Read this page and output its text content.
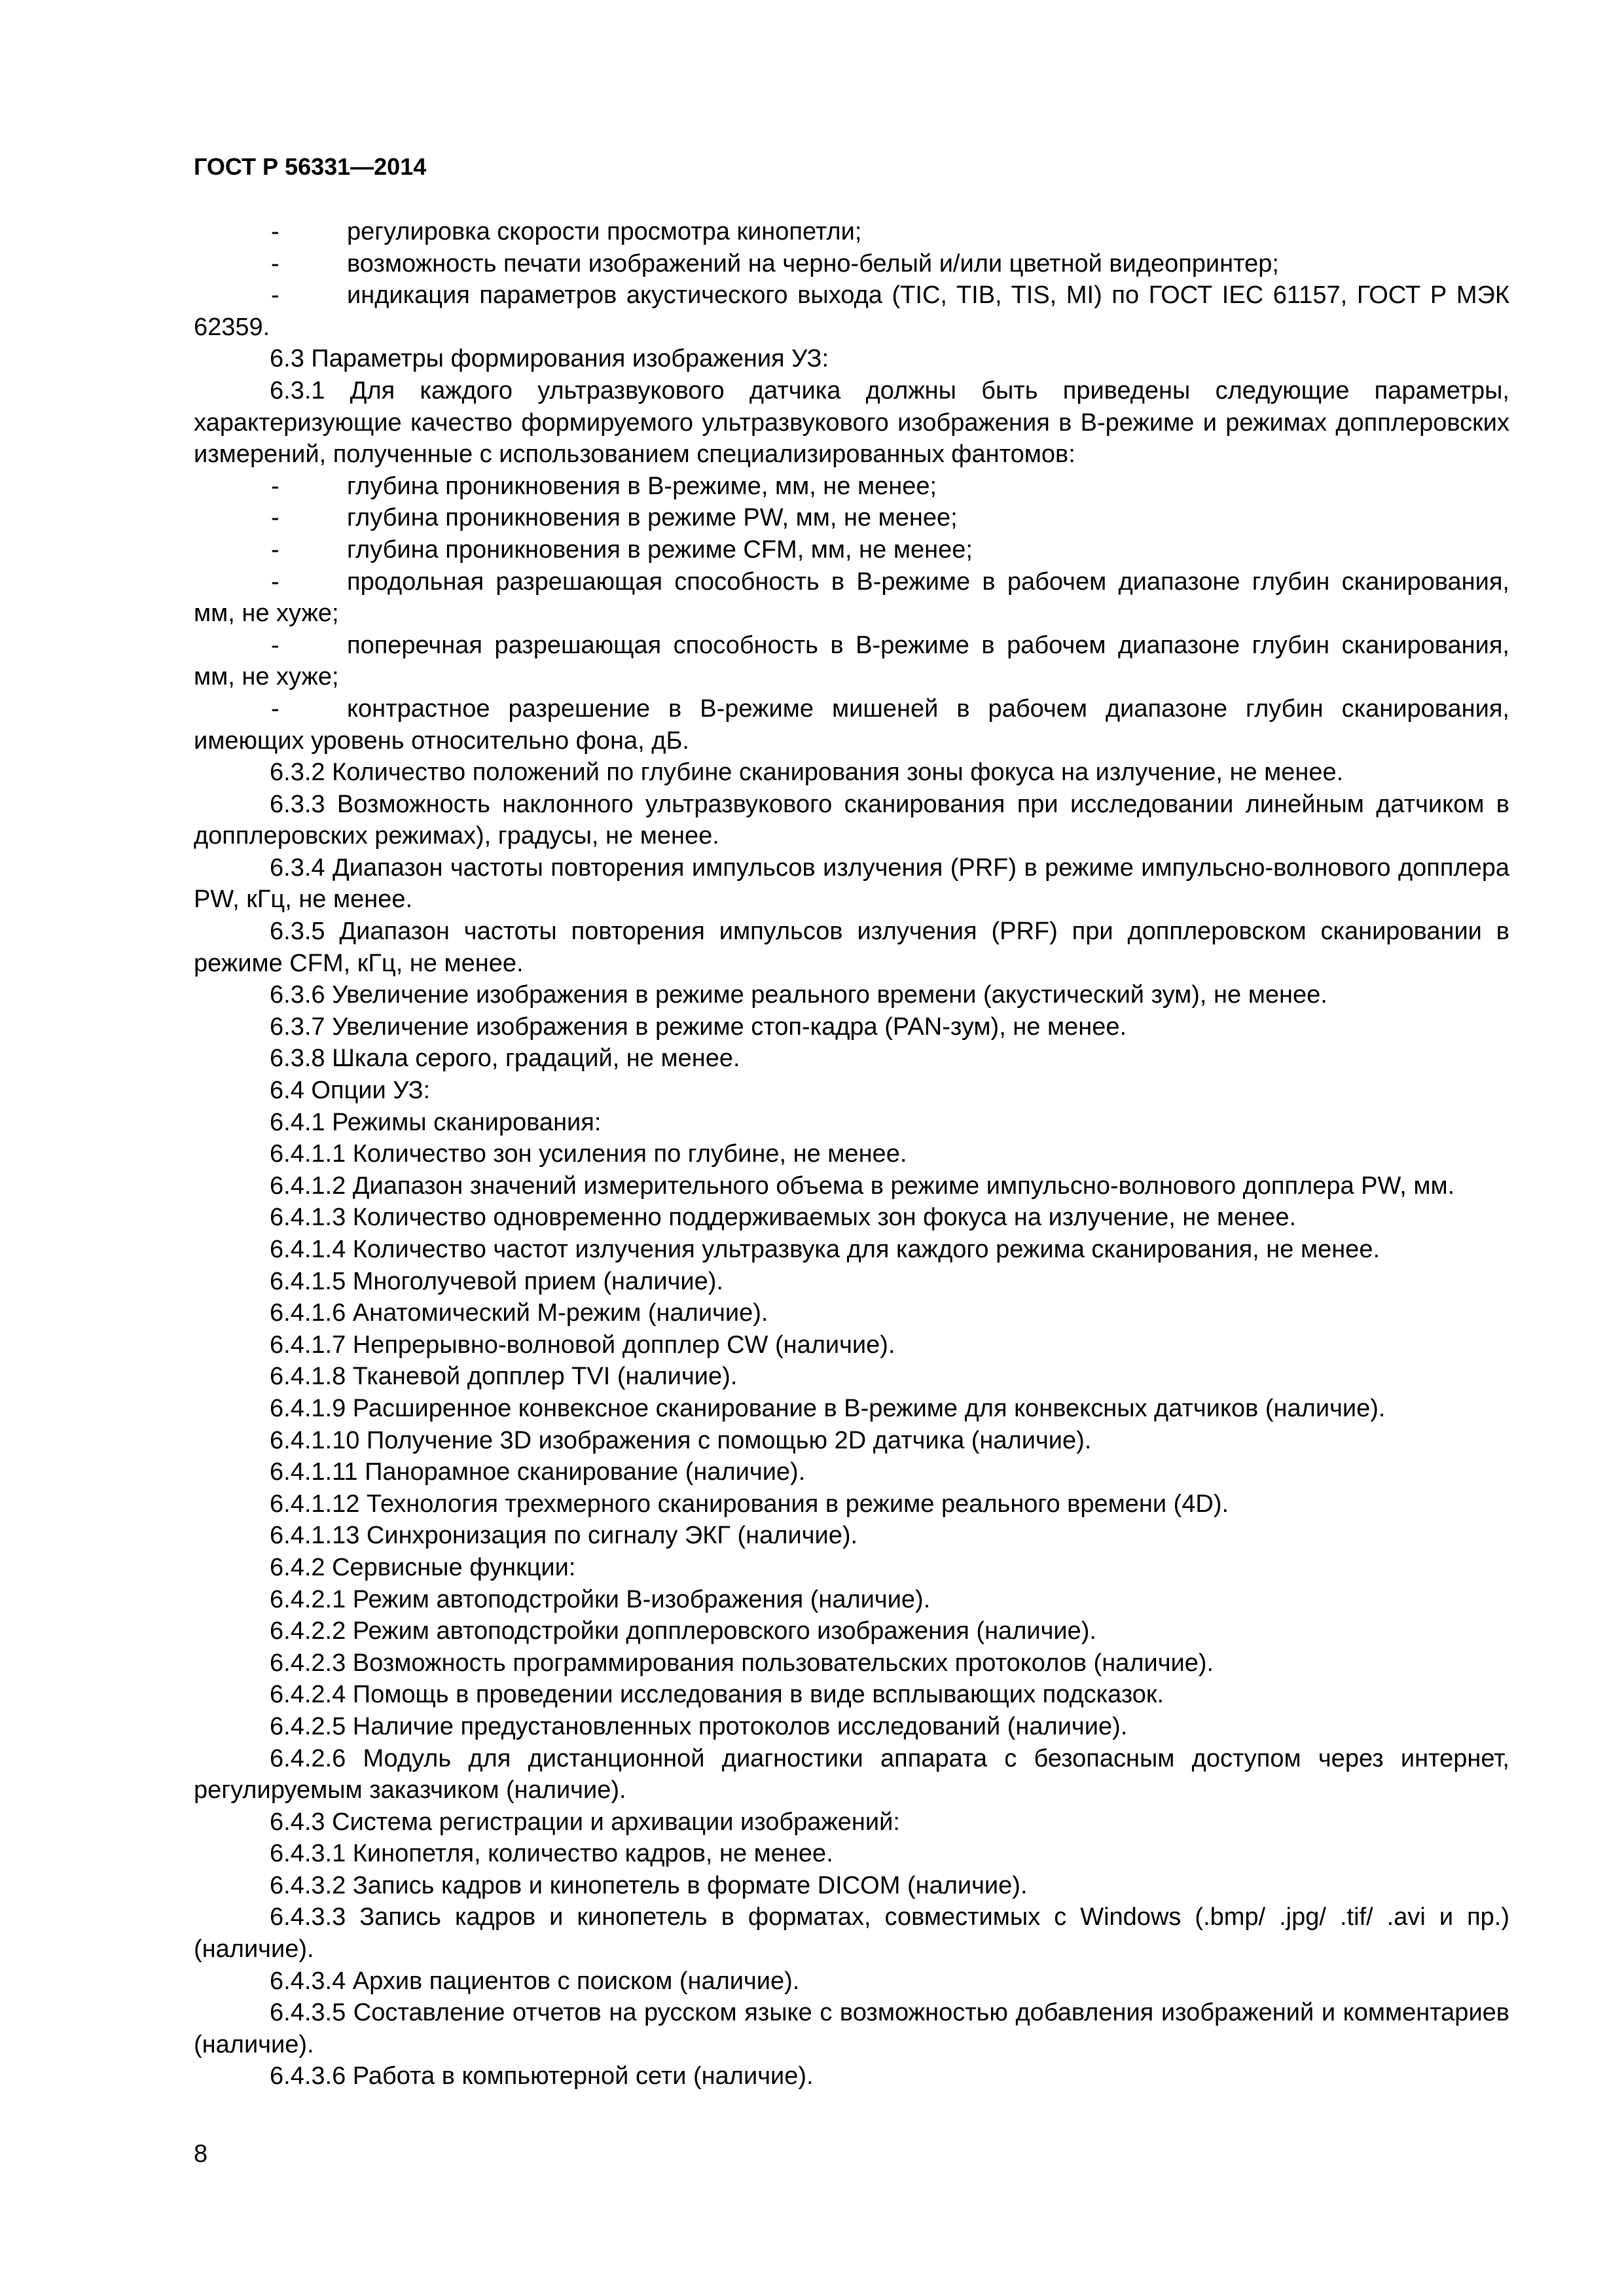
ГОСТ Р 56331—2014
-	регулировка скорости просмотра кинопетли;
-	возможность печати изображений на черно-белый и/или цветной видеопринтер;
-	индикация параметров акустического выхода (TIC, TIB, TIS, MI) по ГОСТ IEC 61157, ГОСТ Р МЭК 62359.
6.3 Параметры формирования изображения УЗ:
6.3.1 Для каждого ультразвукового датчика должны быть приведены следующие параметры, характеризующие качество формируемого ультразвукового изображения в В-режиме и режимах допплеровских измерений, полученные с использованием специализированных фантомов:
-	глубина проникновения в В-режиме, мм, не менее;
-	глубина проникновения в режиме PW, мм, не менее;
-	глубина проникновения в режиме CFM, мм, не менее;
-	продольная разрешающая способность в В-режиме в рабочем диапазоне глубин сканирования, мм, не хуже;
-	поперечная разрешающая способность в В-режиме в рабочем диапазоне глубин сканирования, мм, не хуже;
-	контрастное разрешение в В-режиме мишеней в рабочем диапазоне глубин сканирования, имеющих уровень относительно фона, дБ.
6.3.2 Количество положений по глубине сканирования зоны фокуса на излучение, не менее.
6.3.3 Возможность наклонного ультразвукового сканирования при исследовании линейным датчиком в допплеровских режимах), градусы, не менее.
6.3.4 Диапазон частоты повторения импульсов излучения (PRF) в режиме импульсно-волнового допплера PW, кГц, не менее.
6.3.5 Диапазон частоты повторения импульсов излучения (PRF) при допплеровском сканировании в режиме CFM, кГц, не менее.
6.3.6 Увеличение изображения в режиме реального времени (акустический зум), не менее.
6.3.7 Увеличение изображения в режиме стоп-кадра (PAN-зум), не менее.
6.3.8 Шкала серого, градаций, не менее.
6.4 Опции УЗ:
6.4.1 Режимы сканирования:
6.4.1.1 Количество зон усиления по глубине, не менее.
6.4.1.2 Диапазон значений измерительного объема в режиме импульсно-волнового допплера PW, мм.
6.4.1.3 Количество одновременно поддерживаемых зон фокуса на излучение, не менее.
6.4.1.4 Количество частот излучения ультразвука для каждого режима сканирования, не менее.
6.4.1.5 Многолучевой прием (наличие).
6.4.1.6 Анатомический М-режим (наличие).
6.4.1.7 Непрерывно-волновой допплер CW (наличие).
6.4.1.8 Тканевой допплер TVI (наличие).
6.4.1.9 Расширенное конвексное сканирование в В-режиме для конвексных датчиков (наличие).
6.4.1.10 Получение 3D изображения с помощью 2D датчика (наличие).
6.4.1.11 Панорамное сканирование (наличие).
6.4.1.12 Технология трехмерного сканирования в режиме реального времени (4D).
6.4.1.13 Синхронизация по сигналу ЭКГ (наличие).
6.4.2 Сервисные функции:
6.4.2.1 Режим автоподстройки В-изображения (наличие).
6.4.2.2 Режим автоподстройки допплеровского изображения (наличие).
6.4.2.3 Возможность программирования пользовательских протоколов (наличие).
6.4.2.4 Помощь в проведении исследования в виде всплывающих подсказок.
6.4.2.5 Наличие предустановленных протоколов исследований (наличие).
6.4.2.6 Модуль для дистанционной диагностики аппарата с безопасным доступом через интернет, регулируемым заказчиком (наличие).
6.4.3 Система регистрации и архивации изображений:
6.4.3.1 Кинопетля, количество кадров, не менее.
6.4.3.2 Запись кадров и кинопетель в формате DICOM (наличие).
6.4.3.3 Запись кадров и кинопетель в форматах, совместимых с Windows (.bmp/ .jpg/ .tif/ .avi и пр.) (наличие).
6.4.3.4 Архив пациентов с поиском (наличие).
6.4.3.5 Составление отчетов на русском языке с возможностью добавления изображений и комментариев (наличие).
6.4.3.6 Работа в компьютерной сети (наличие).
8
